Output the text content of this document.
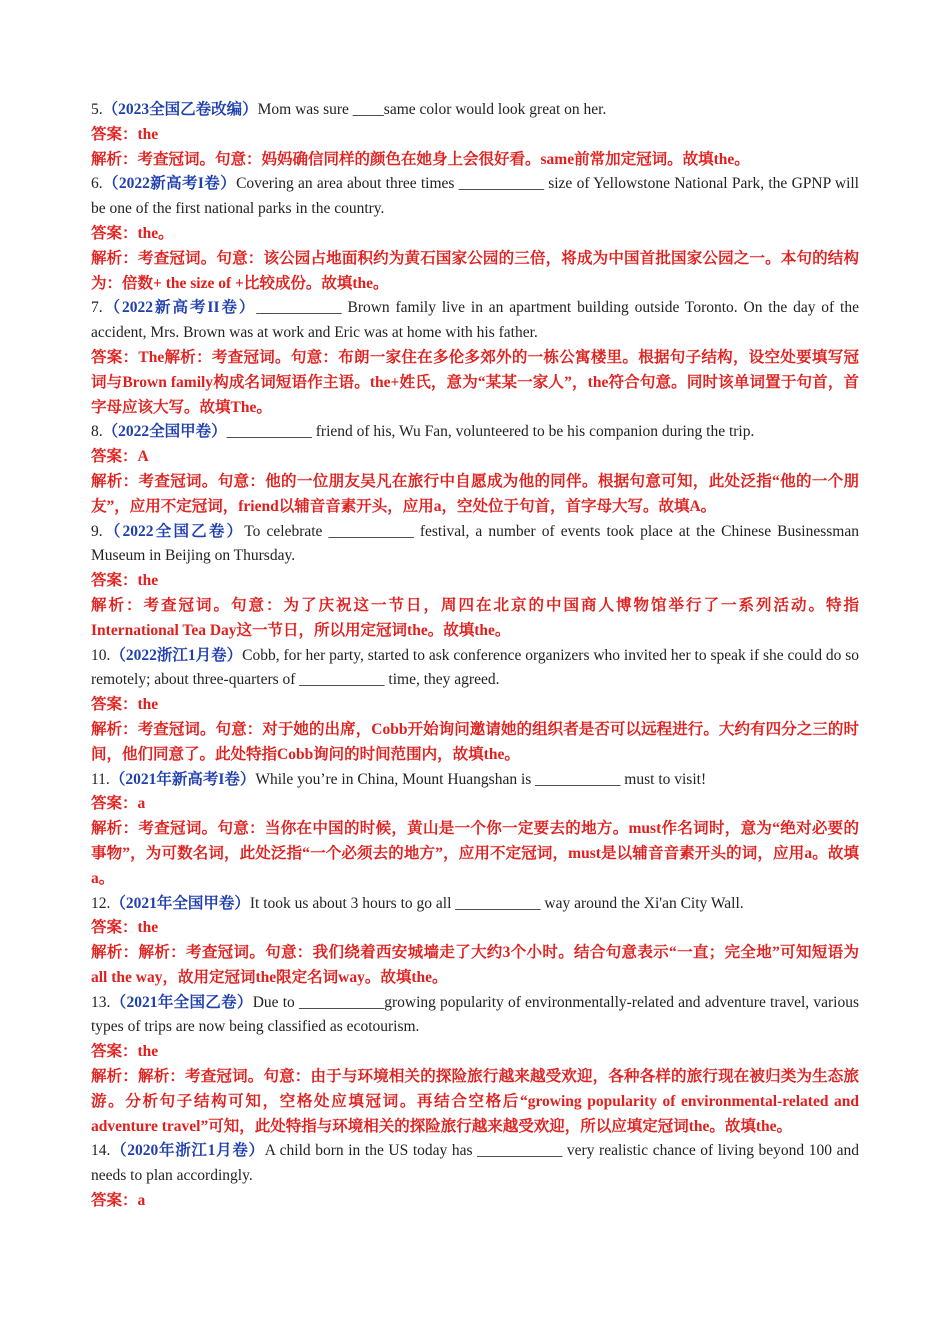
5.（2023全国乙卷改编）Mom was sure ____same color would look great on her.

答案：the

解析：考查冠词。句意：妈妈确信同样的颜色在她身上会很好看。same前常加定冠词。故填the。

6.（2022新高考I卷）Covering an area about three times ___________ size of Yellowstone National Park, the GPNP will be one of the first national parks in the country.

答案：the。

解析：考查冠词。句意：该公园占地面积约为黄石国家公园的三倍，将成为中国首批国家公园之一。本句的结构为：倍数+ the size of +比较成份。故填the。

7.（2022新高考II卷）___________ Brown family live in an apartment building outside Toronto. On the day of the accident, Mrs. Brown was at work and Eric was at home with his father.

答案：The解析：考查冠词。句意：布朗一家住在多伦多郊外的一栋公寓楼里。根据句子结构，设空处要填写冠词与Brown family构成名词短语作主语。the+姓氏，意为“某某一家人”，the符合句意。同时该单词置于句首，首字母应该大写。故填The。

8.（2022全国甲卷）___________ friend of his, Wu Fan, volunteered to be his companion during the trip.

答案：A

解析：考查冠词。句意：他的一位朋友吴凡在旅行中自愿成为他的同伴。根据句意可知，此处泛指“他的一个朋友”，应用不定冠词，friend以辅音音素开头，应用a，空处位于句首，首字母大写。故填A。

9.（2022全国乙卷）To celebrate ___________ festival, a number of events took place at the Chinese Businessman Museum in Beijing on Thursday.

答案：the

解析：考查冠词。句意：为了庆祝这一节日，周四在北京的中国商人博物馆举行了一系列活动。特指International Tea Day这一节日，所以用定冠词the。故填the。

10.（2022浙江1月卷）Cobb, for her party, started to ask conference organizers who invited her to speak if she could do so remotely; about three-quarters of ___________ time, they agreed.

答案：the

解析：考查冠词。句意：对于她的出席，Cobb开始询问邀请她的组织者是否可以远程进行。大约有四分之三的时间，他们同意了。此处特指Cobb询问的时间范围内，故填the。

11.（2021年新高考I卷）While you’re in China, Mount Huangshan is ___________ must to visit!

答案：a

解析：考查冠词。句意：当你在中国的时候，黄山是一个你一定要去的地方。must作名词时，意为“绝对必要的事物”，为可数名词，此处泛指“一个必须去的地方”，应用不定冠词，must是以辅音音素开头的词，应用a。故填a。

12.（2021年全国甲卷）It took us about 3 hours to go all ___________ way around the Xi'an City Wall.

答案：the

解析：解析：考查冠词。句意：我们绕着西安城墙走了大约3个小时。结合句意表示“一直；完全地”可知短语为all the way，故用定冠词the限定名词way。故填the。

13.（2021年全国乙卷）Due to ___________growing popularity of environmentally-related and adventure travel, various types of trips are now being classified as ecotourism.

答案：the

解析：解析：考查冠词。句意：由于与环境相关的探险旅行越来越受欢迎，各种各样的旅行现在被归类为生态旅游。分析句子结构可知，空格处应填冠词。再结合空格后“growing popularity of environmental-related and adventure travel”可知，此处特指与环境相关的探险旅行越来越受欢迎，所以应填定冠词the。故填the。

14.（2020年浙江1月卷）A child born in the US today has ___________ very realistic chance of living beyond 100 and needs to plan accordingly.

答案：a
